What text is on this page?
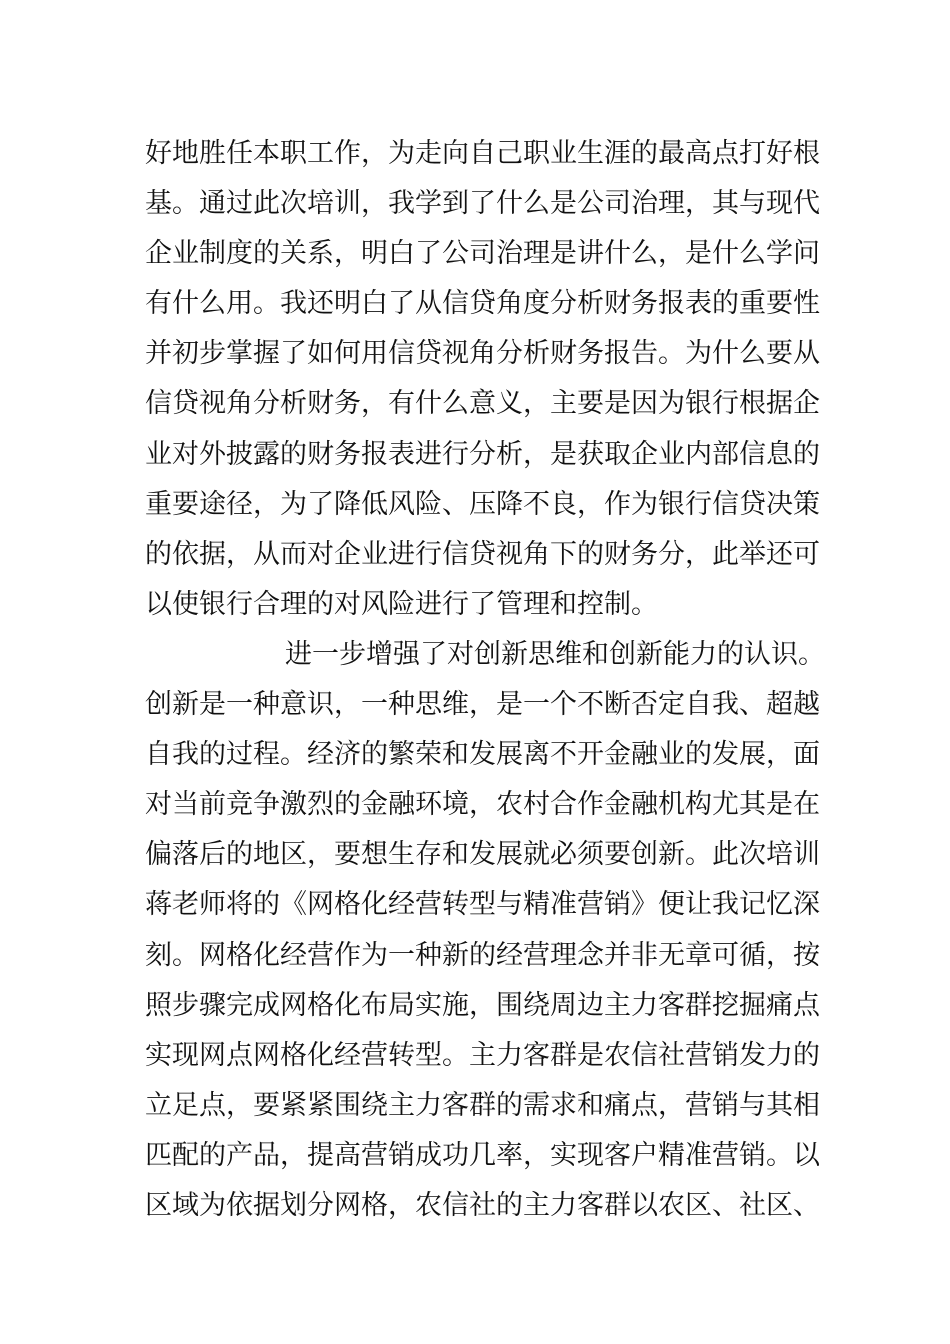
好地胜任本职工作，为走向自己职业生涯的最高点打好根
基。通过此次培训，我学到了什么是公司治理，其与现代
企业制度的关系，明白了公司治理是讲什么，是什么学问
有什么用。我还明白了从信贷角度分析财务报表的重要性
并初步掌握了如何用信贷视角分析财务报告。为什么要从
信贷视角分析财务，有什么意义，主要是因为银行根据企
业对外披露的财务报表进行分析，是获取企业内部信息的
重要途径，为了降低风险、压降不良，作为银行信贷决策
的依据，从而对企业进行信贷视角下的财务分，此举还可
以使银行合理的对风险进行了管理和控制。
进一步增强了对创新思维和创新能力的认识。
创新是一种意识，一种思维，是一个不断否定自我、超越
自我的过程。经济的繁荣和发展离不开金融业的发展，面
对当前竞争激烈的金融环境，农村合作金融机构尤其是在
偏落后的地区，要想生存和发展就必须要创新。此次培训
蒋老师将的《网格化经营转型与精准营销》便让我记忆深
刻。网格化经营作为一种新的经营理念并非无章可循，按
照步骤完成网格化布局实施，围绕周边主力客群挖掘痛点
实现网点网格化经营转型。主力客群是农信社营销发力的
立足点，要紧紧围绕主力客群的需求和痛点，营销与其相
匹配的产品，提高营销成功几率，实现客户精准营销。以
区域为依据划分网格，农信社的主力客群以农区、社区、
